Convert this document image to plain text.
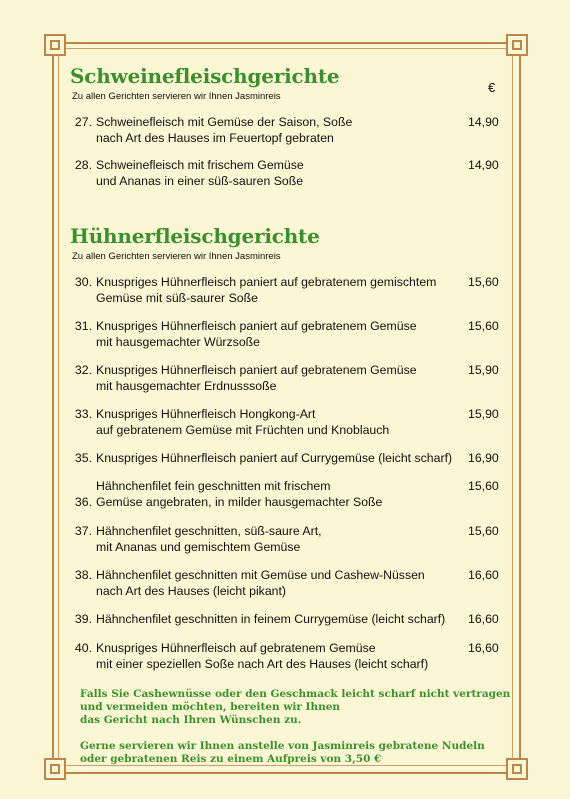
Schweinefleischgerichte
Zu allen Gerichten servieren wir Ihnen Jasminreis
€
27. Schweinefleisch mit Gemüse der Saison, Soße
nach Art des Hauses im Feuertopf gebraten
14,90
28. Schweinefleisch mit frischem Gemüse
und Ananas in einer süß-sauren Soße
14,90
Hühnerfleischgerichte
Zu allen Gerichten servieren wir Ihnen Jasminreis
30. Knuspriges Hühnerfleisch paniert auf gebratenem gemischtem
Gemüse mit süß-saurer Soße
15,60
31. Knuspriges Hühnerfleisch paniert auf gebratenem Gemüse
mit hausgemachter Würzsoße
15,60
32. Knuspriges Hühnerfleisch paniert auf gebratenem Gemüse
mit hausgemachter Erdnusssoße
15,90
33. Knuspriges Hühnerfleisch Hongkong-Art
auf gebratenem Gemüse mit Früchten und Knoblauch
15,90
35. Knuspriges Hühnerfleisch paniert auf Currygemüse (leicht scharf) 16,90
36.
Hähnchenfilet fein geschnitten mit frischem
Gemüse angebraten, in milder hausgemachter Soße
15,60
37. Hähnchenfilet geschnitten, süß-saure Art,
mit Ananas und gemischtem Gemüse
15,60
38. Hähnchenfilet geschnitten mit Gemüse und Cashew-Nüssen
nach Art des Hauses (leicht pikant)
16,60
39. Hähnchenfilet geschnitten in feinem Currygemüse (leicht scharf) 16,60
40. Knuspriges Hühnerfleisch auf gebratenem Gemüse
mit einer speziellen Soße nach Art des Hauses (leicht scharf)
16,60
Falls Sie Cashewnüsse oder den Geschmack leicht scharf nicht vertragen
und vermeiden möchten, bereiten wir Ihnen
das Gericht nach Ihren Wünschen zu.
Gerne servieren wir Ihnen anstelle von Jasminreis gebratene Nudeln
oder gebratenen Reis zu einem Aufpreis von 3,50 €
